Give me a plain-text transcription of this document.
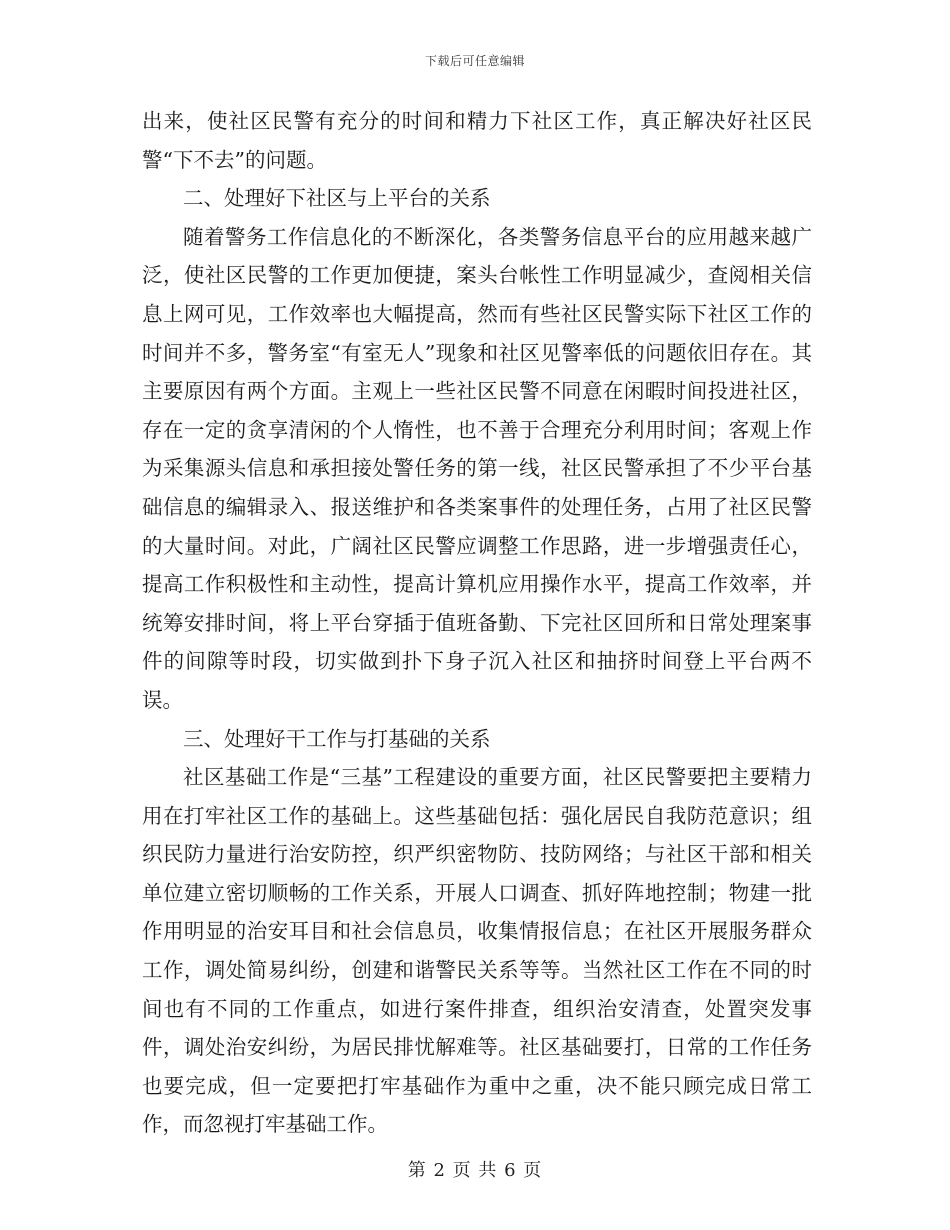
下载后可任意编辑

出来，使社区民警有充分的时间和精力下社区工作，真正解决好社区民警“下不去”的问题。

二、处理好下社区与上平台的关系

随着警务工作信息化的不断深化，各类警务信息平台的应用越来越广泛，使社区民警的工作更加便捷，案头台帐性工作明显减少，查阅相关信息上网可见，工作效率也大幅提高，然而有些社区民警实际下社区工作的时间并不多，警务室“有室无人”现象和社区见警率低的问题依旧存在。其主要原因有两个方面。主观上一些社区民警不同意在闲暇时间投进社区，存在一定的贪享清闲的个人惰性，也不善于合理充分利用时间；客观上作为采集源头信息和承担接处警任务的第一线，社区民警承担了不少平台基础信息的编辑录入、报送维护和各类案事件的处理任务，占用了社区民警的大量时间。对此，广阔社区民警应调整工作思路，进一步增强责任心，提高工作积极性和主动性，提高计算机应用操作水平，提高工作效率，并统筹安排时间，将上平台穿插于值班备勤、下完社区回所和日常处理案事件的间隙等时段，切实做到扑下身子沉入社区和抽挤时间登上平台两不误。

三、处理好干工作与打基础的关系

社区基础工作是“三基”工程建设的重要方面，社区民警要把主要精力用在打牢社区工作的基础上。这些基础包括：强化居民自我防范意识；组织民防力量进行治安防控，织严织密物防、技防网络；与社区干部和相关单位建立密切顺畅的工作关系，开展人口调查、抓好阵地控制；物建一批作用明显的治安耳目和社会信息员，收集情报信息；在社区开展服务群众工作，调处简易纠纷，创建和谐警民关系等等。当然社区工作在不同的时间也有不同的工作重点，如进行案件排查，组织治安清查，处置突发事件，调处治安纠纷，为居民排忧解难等。社区基础要打，日常的工作任务也要完成，但一定要把打牢基础作为重中之重，决不能只顾完成日常工作，而忽视打牢基础工作。

第 2 页 共 6 页
